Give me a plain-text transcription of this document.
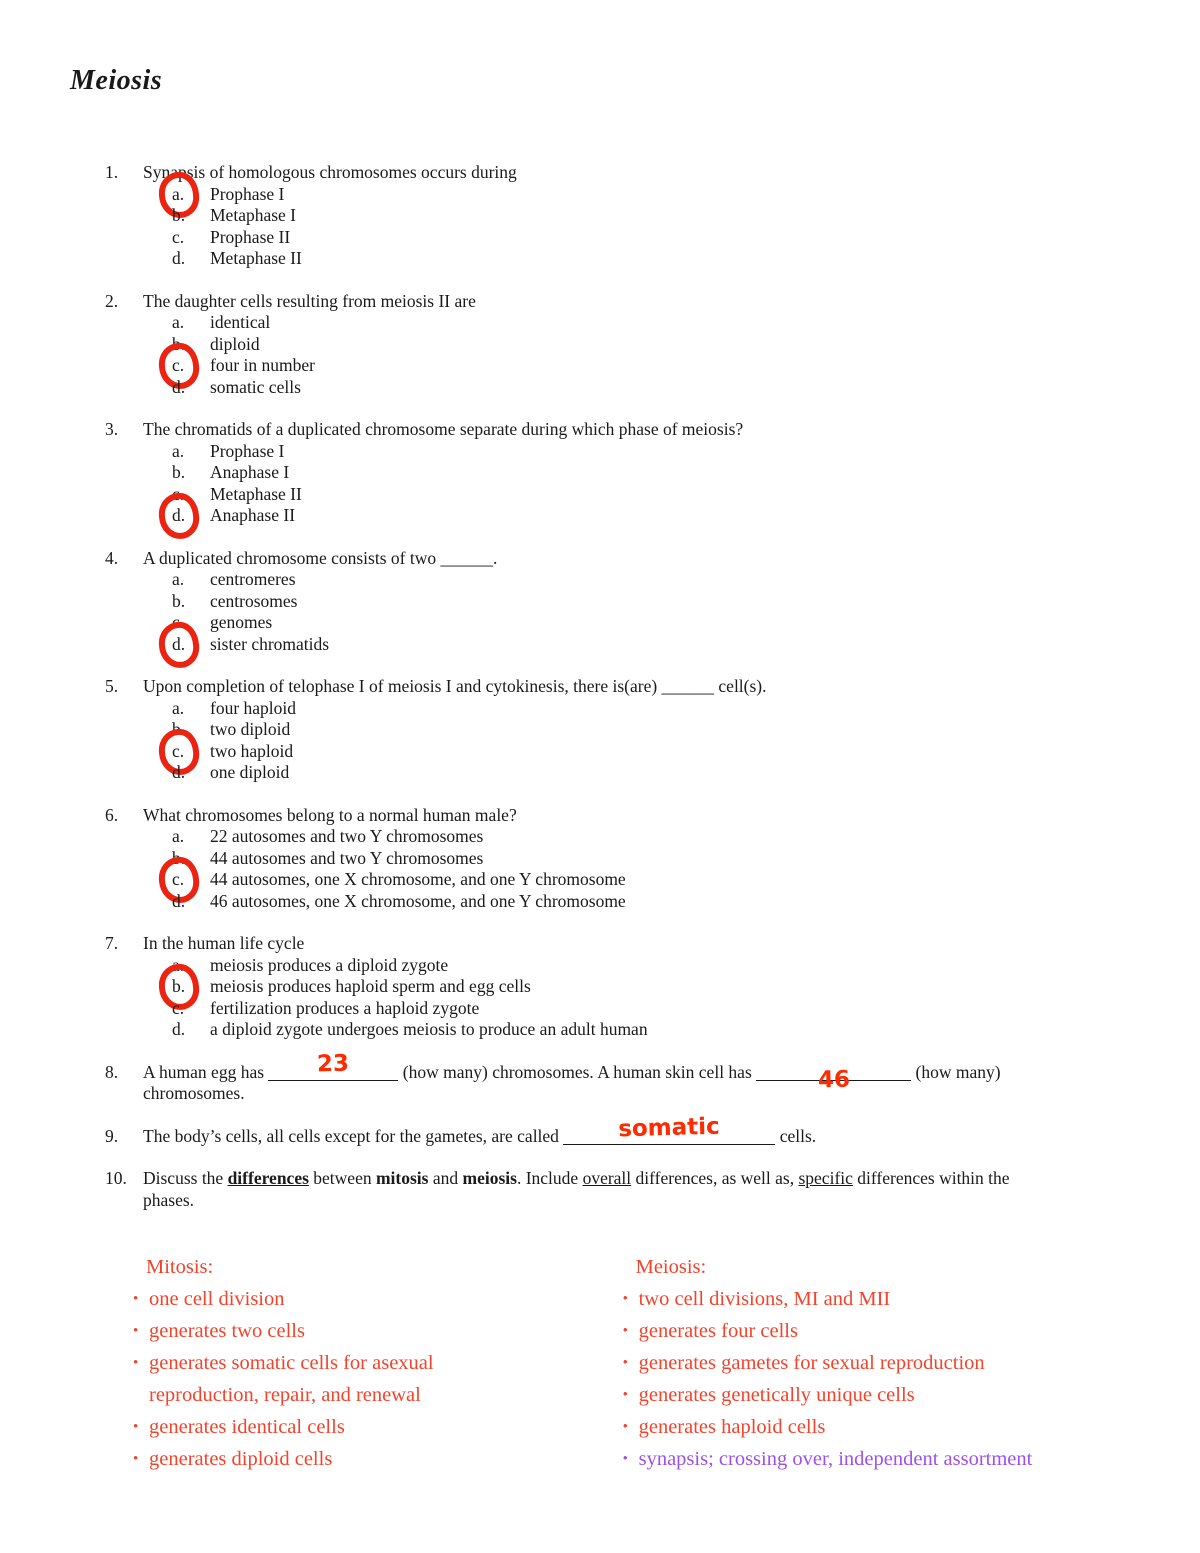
Meiosis
1.	Synapsis of homologous chromosomes occurs during
a.	Prophase I
b.	Metaphase I
c.	Prophase II
d.	Metaphase II
2.	The daughter cells resulting from meiosis II are
a.	identical
b.	diploid
c.	four in number
d.	somatic cells
3.	The chromatids of a duplicated chromosome separate during which phase of meiosis?
a.	Prophase I
b.	Anaphase I
c.	Metaphase II
d.	Anaphase II
4.	A duplicated chromosome consists of two ______.
a.	centromeres
b.	centrosomes
c.	genomes
d.	sister chromatids
5.	Upon completion of telophase I of meiosis I and cytokinesis, there is(are) ______ cell(s).
a.	four haploid
b.	two diploid
c.	two haploid
d.	one diploid
6.	What chromosomes belong to a normal human male?
a.	22 autosomes and two Y chromosomes
b.	44 autosomes and two Y chromosomes
c.	44 autosomes, one X chromosome, and one Y chromosome
d.	46 autosomes, one X chromosome, and one Y chromosome
7.	In the human life cycle
a.	meiosis produces a diploid zygote
b.	meiosis produces haploid sperm and egg cells
c.	fertilization produces a haploid zygote
d.	a diploid zygote undergoes meiosis to produce an adult human
8.	A human egg has 23	(how many) chromosomes. A human skin cell has	46	(how many)
chromosomes.
9.	The body’s cells, all cells except for the gametes, are called somatic	cells.
10. Discuss the differences between mitosis and meiosis. Include overall differences, as well as, specific differences within the
phases.
Mitosis:
• one cell division
• generates two cells
• generates somatic cells for asexual reproduction, repair, and renewal
• generates identical cells
• generates diploid cells
Meiosis:
• two cell divisions, MI and MII
• generates four cells
• generates gametes for sexual reproduction
• generates genetically unique cells
• generates haploid cells
• synapsis; crossing over, independent assortment
